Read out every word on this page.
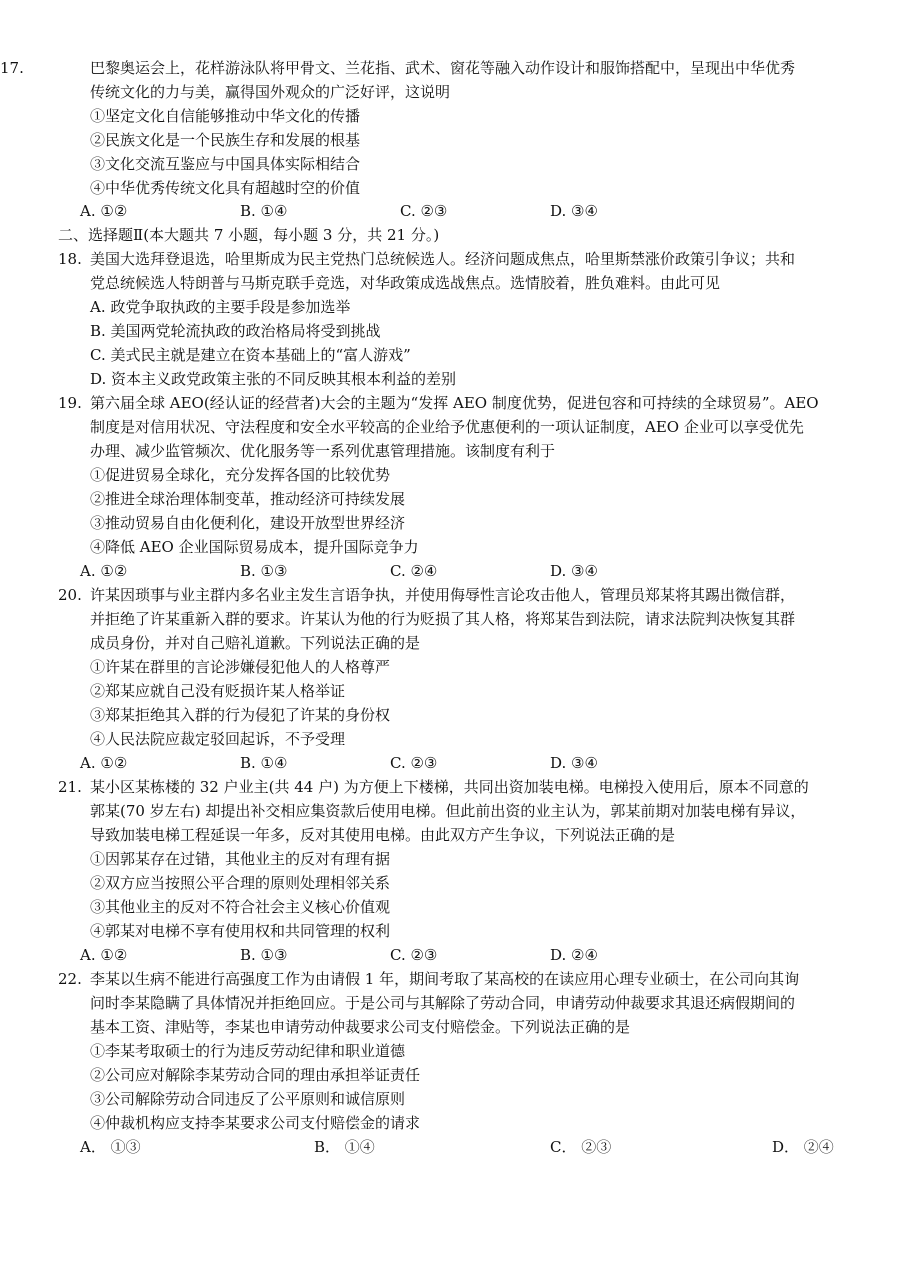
17.	巴黎奥运会上，花样游泳队将甲骨文、兰花指、武术、窗花等融入动作设计和服饰搭配中，呈现出中华优秀
传统文化的力与美，赢得国外观众的广泛好评，这说明
①坚定文化自信能够推动中华文化的传播
②民族文化是一个民族生存和发展的根基
③文化交流互鉴应与中国具体实际相结合
④中华优秀传统文化具有超越时空的价值
A. ①②	B. ①④	C. ②③	D. ③④
二、选择题Ⅱ(本大题共 7 小题，每小题 3 分，共 21 分。)
18. 美国大选拜登退选，哈里斯成为民主党热门总统候选人。经济问题成焦点，哈里斯禁涨价政策引争议；共和
党总统候选人特朗普与马斯克联手竞选，对华政策成选战焦点。选情胶着，胜负难料。由此可见
A. 政党争取执政的主要手段是参加选举
B. 美国两党轮流执政的政治格局将受到挑战
C. 美式民主就是建立在资本基础上的“富人游戏”
D. 资本主义政党政策主张的不同反映其根本利益的差别
19. 第六届全球 AEO(经认证的经营者)大会的主题为“发挥 AEO 制度优势，促进包容和可持续的全球贸易”。AEO
制度是对信用状况、守法程度和安全水平较高的企业给予优惠便利的一项认证制度，AEO 企业可以享受优先
办理、减少监管频次、优化服务等一系列优惠管理措施。该制度有利于
①促进贸易全球化，充分发挥各国的比较优势
②推进全球治理体制变革，推动经济可持续发展
③推动贸易自由化便利化，建设开放型世界经济
④降低 AEO 企业国际贸易成本，提升国际竞争力
A. ①②	B. ①③	C. ②④	D. ③④
20. 许某因琐事与业主群内多名业主发生言语争执，并使用侮辱性言论攻击他人，管理员郑某将其踢出微信群，
并拒绝了许某重新入群的要求。许某认为他的行为贬损了其人格，将郑某告到法院，请求法院判决恢复其群
成员身份，并对自己赔礼道歉。下列说法正确的是
①许某在群里的言论涉嫌侵犯他人的人格尊严
②郑某应就自己没有贬损许某人格举证
③郑某拒绝其入群的行为侵犯了许某的身份权
④人民法院应裁定驳回起诉，不予受理
A. ①②	B. ①④	C. ②③	D. ③④
21. 某小区某栋楼的 32 户业主(共 44 户) 为方便上下楼梯，共同出资加装电梯。电梯投入使用后，原本不同意的
郭某(70 岁左右) 却提出补交相应集资款后使用电梯。但此前出资的业主认为，郭某前期对加装电梯有异议，
导致加装电梯工程延误一年多，反对其使用电梯。由此双方产生争议，下列说法正确的是
①因郭某存在过错，其他业主的反对有理有据
②双方应当按照公平合理的原则处理相邻关系
③其他业主的反对不符合社会主义核心价值观
④郭某对电梯不享有使用权和共同管理的权利
A. ①②	B. ①③	C. ②③	D. ②④
22. 李某以生病不能进行高强度工作为由请假 1 年，期间考取了某高校的在读应用心理专业硕士，在公司向其询
问时李某隐瞒了具体情况并拒绝回应。于是公司与其解除了劳动合同，申请劳动仲裁要求其退还病假期间的
基本工资、津贴等，李某也申请劳动仲裁要求公司支付赔偿金。下列说法正确的是
①李某考取硕士的行为违反劳动纪律和职业道德
②公司应对解除李某劳动合同的理由承担举证责任
③公司解除劳动合同违反了公平原则和诚信原则
④仲裁机构应支持李某要求公司支付赔偿金的请求
A． ①③	B． ①④	C． ②③	D． ②④
